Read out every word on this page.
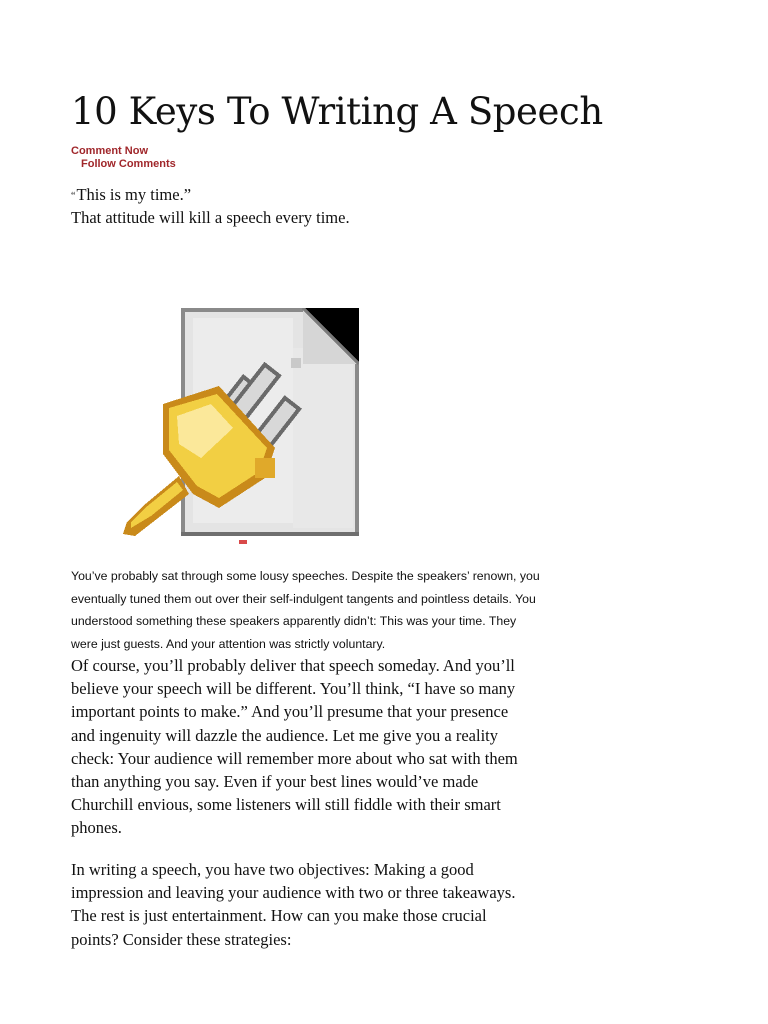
10 Keys To Writing A Speech
Comment Now
Follow Comments
“This is my time.”
That attitude will kill a speech every time.

You’ve probably sat through some lousy speeches. Despite the speakers’ renown, you
eventually tuned them out over their self-indulgent tangents and pointless details. You
understood something these speakers apparently didn’t: This was your time. They
were just guests. And your attention was strictly voluntary.

Of course, you’ll probably deliver that speech someday. And you’ll
believe your speech will be different. You’ll think, “I have so many
important points to make.” And you’ll presume that your presence
and ingenuity will dazzle the audience. Let me give you a reality
check: Your audience will remember more about who sat with them
than anything you say. Even if your best lines would’ve made
Churchill envious, some listeners will still fiddle with their smart
phones.

In writing a speech, you have two objectives: Making a good
impression and leaving your audience with two or three takeaways.
The rest is just entertainment. How can you make those crucial
points? Consider these strategies:
